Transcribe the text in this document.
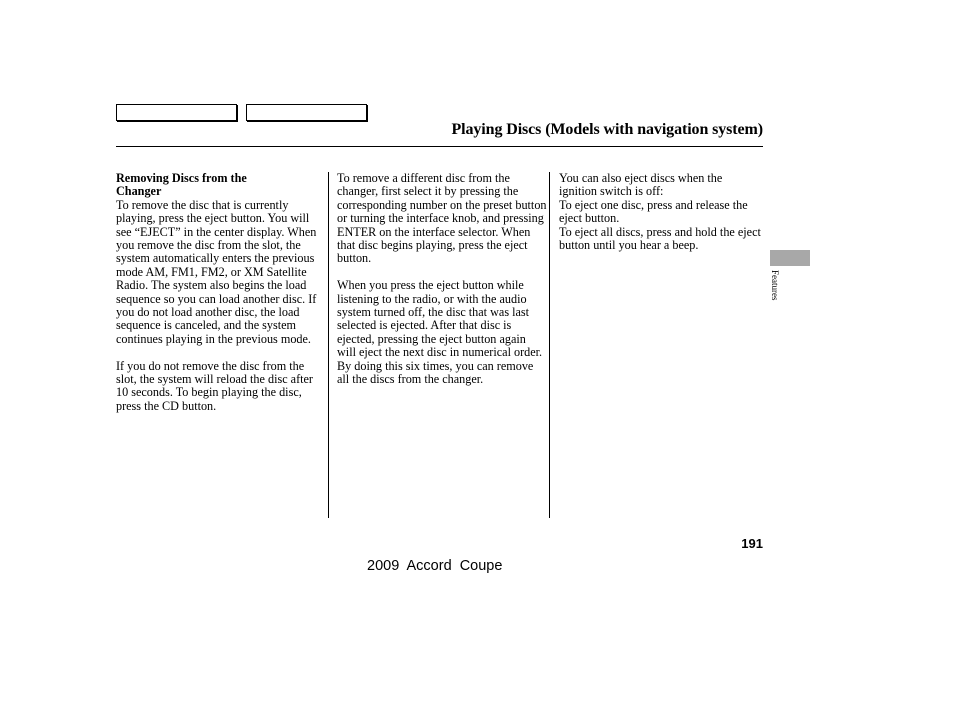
Playing Discs (Models with navigation system)

Removing Discs from the
Changer

To remove the disc that is currently playing, press the eject button. You will see “EJECT” in the center display. When you remove the disc from the slot, the system automatically enters the previous mode AM, FM1, FM2, or XM Satellite Radio. The system also begins the load sequence so you can load another disc. If you do not load another disc, the load sequence is canceled, and the system continues playing in the previous mode.

If you do not remove the disc from the slot, the system will reload the disc after 10 seconds. To begin playing the disc, press the CD button.

To remove a different disc from the changer, first select it by pressing the corresponding number on the preset button or turning the interface knob, and pressing ENTER on the interface selector. When that disc begins playing, press the eject button.

When you press the eject button while listening to the radio, or with the audio system turned off, the disc that was last selected is ejected. After that disc is ejected, pressing the eject button again will eject the next disc in numerical order. By doing this six times, you can remove all the discs from the changer.

You can also eject discs when the ignition switch is off:

To eject one disc, press and release the eject button.

To eject all discs, press and hold the eject button until you hear a beep.

Features
191
2009  Accord  Coupe
